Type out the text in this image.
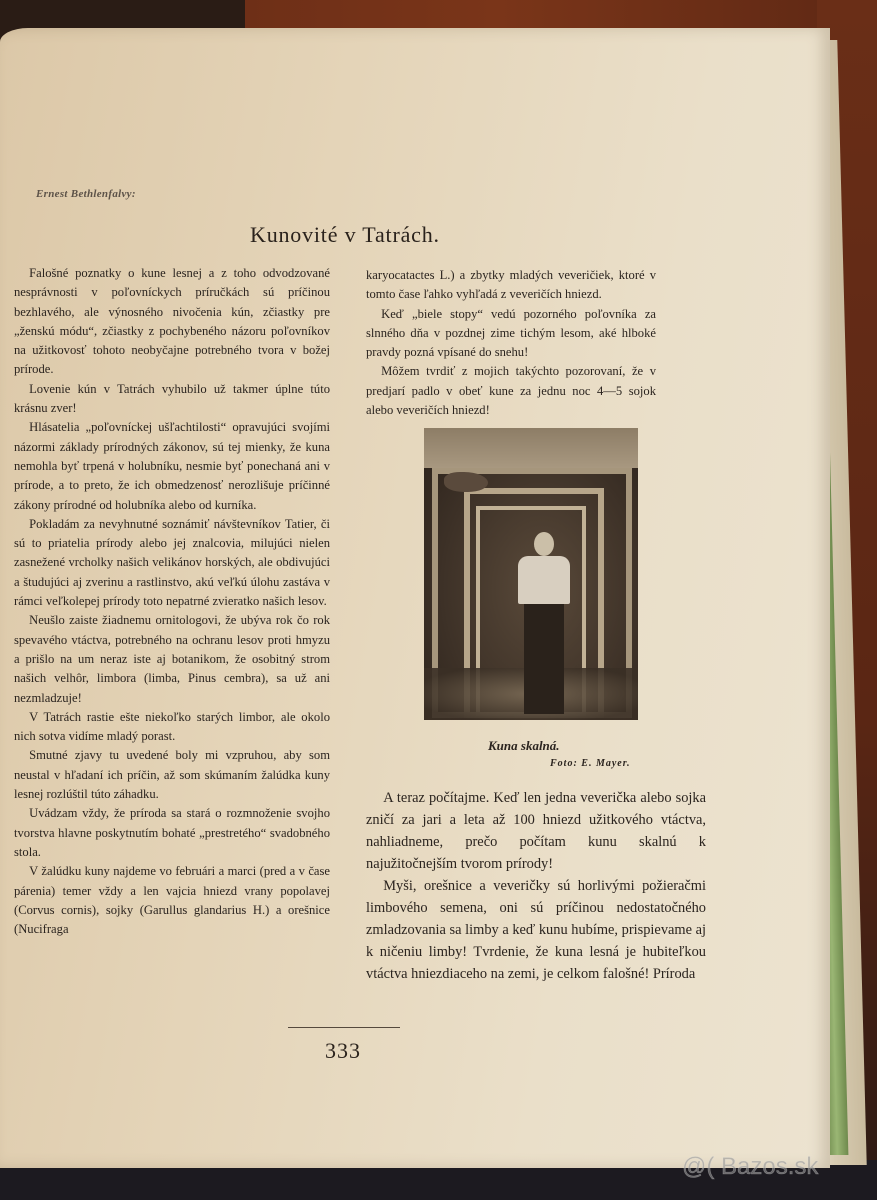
Ernest Bethlenfalvy:
Kunovité v Tatrách.

Falošné poznatky o kune lesnej a z toho odvodzované nesprávnosti v poľovníckych príručkách sú príčinou bezhlavého, ale výnosného nivočenia kún, zčiastky pre „ženskú módu“, zčiastky z pochybeného názoru poľovníkov na užitkovosť tohoto neobyčajne potrebného tvora v božej prírode.

Lovenie kún v Tatrách vyhubilo už takmer úplne túto krásnu zver!

Hlásatelia „poľovníckej ušľachtilosti“ opravujúci svojími názormi základy prírodných zákonov, sú tej mienky, že kuna nemohla byť trpená v holubníku, nesmie byť ponechaná ani v prírode, a to preto, že ich obmedzenosť nerozlišuje príčinné zákony prírodné od holubníka alebo od kurníka.

Pokladám za nevyhnutné soznámiť návštevníkov Tatier, či sú to priatelia prírody alebo jej znalcovia, milujúci nielen zasnežené vrcholky našich velikánov horských, ale obdivujúci a študujúci aj zverinu a rastlinstvo, akú veľkú úlohu zastáva v rámci veľkolepej prírody toto nepatrné zvieratko našich lesov.

Neušlo zaiste žiadnemu ornitologovi, že ubýva rok čo rok spevavého vtáctva, potrebného na ochranu lesov proti hmyzu a prišlo na um neraz iste aj botanikom, že osobitný strom našich velhôr, limbora (limba, Pinus cembra), sa už ani nezmladzuje!

V Tatrách rastie ešte niekoľko starých limbor, ale okolo nich sotva vidíme mladý porast.

Smutné zjavy tu uvedené boly mi vzpruhou, aby som neustal v hľadaní ich príčin, až som skúmaním žalúdka kuny lesnej rozlúštil túto záhadku.

Uvádzam vždy, že príroda sa stará o rozmnoženie svojho tvorstva hlavne poskytnutím bohaté „prestretého“ svadobného stola.

V žalúdku kuny najdeme vo februári a marci (pred a v čase párenia) temer vždy a len vajcia hniezd vrany popolavej (Corvus cornis), sojky (Garullus glandarius H.) a orešnice (Nucifraga

karyocatactes L.) a zbytky mladých veveričiek, ktoré v tomto čase ľahko vyhľadá z veveričích hniezd.

Keď „biele stopy“ vedú pozorného poľovníka za slnného dňa v pozdnej zime tichým lesom, aké hlboké pravdy pozná vpísané do snehu!

Môžem tvrdiť z mojich takýchto pozorovaní, že v predjarí padlo v obeť kune za jednu noc 4—5 sojok alebo veveričích hniezd!

Kuna skalná.
Foto: E. Mayer.

A teraz počítajme. Keď len jedna veverička alebo sojka zničí za jari a leta až 100 hniezd užitkového vtáctva, nahliadneme, prečo počítam kunu skalnú k najužitočnejším tvorom prírody!

Myši, orešnice a veveričky sú horlivými požieračmi limbového semena, oni sú príčinou nedostatočného zmladzovania sa limby a keď kunu hubíme, prispievame aj k ničeniu limby! Tvrdenie, že kuna lesná je hubiteľkou vtáctva hniezdiaceho na zemi, je celkom falošné! Príroda

333
@( Bazos.sk
